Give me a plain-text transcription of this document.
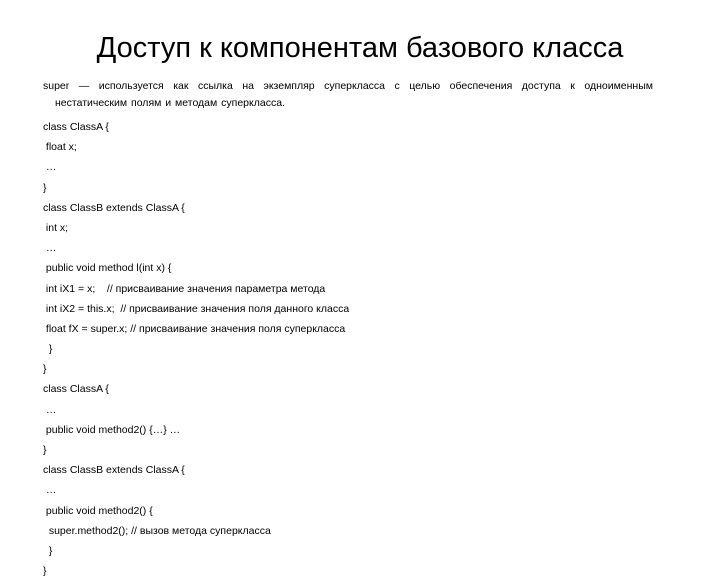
Доступ к компонентам базового класса

super — используется как ссылка на экземпляр суперкласса с целью обеспечения доступа к одноименным нестатическим полям и методам суперкласса.

class ClassA {
float x;
…
}
class ClassB extends ClassA {
int x;
…
public void method l(int x) {
int iX1 = x;    // присваивание значения параметра метода
int iX2 = this.x;  // присваивание значения поля данного класса
float fX = super.x; // присваивание значения поля суперкласса
}
}
class ClassA {
…
public void method2() {…} …
}
class ClassB extends ClassA {
…
public void method2() {
super.method2(); // вызов метода суперкласса
}
}
